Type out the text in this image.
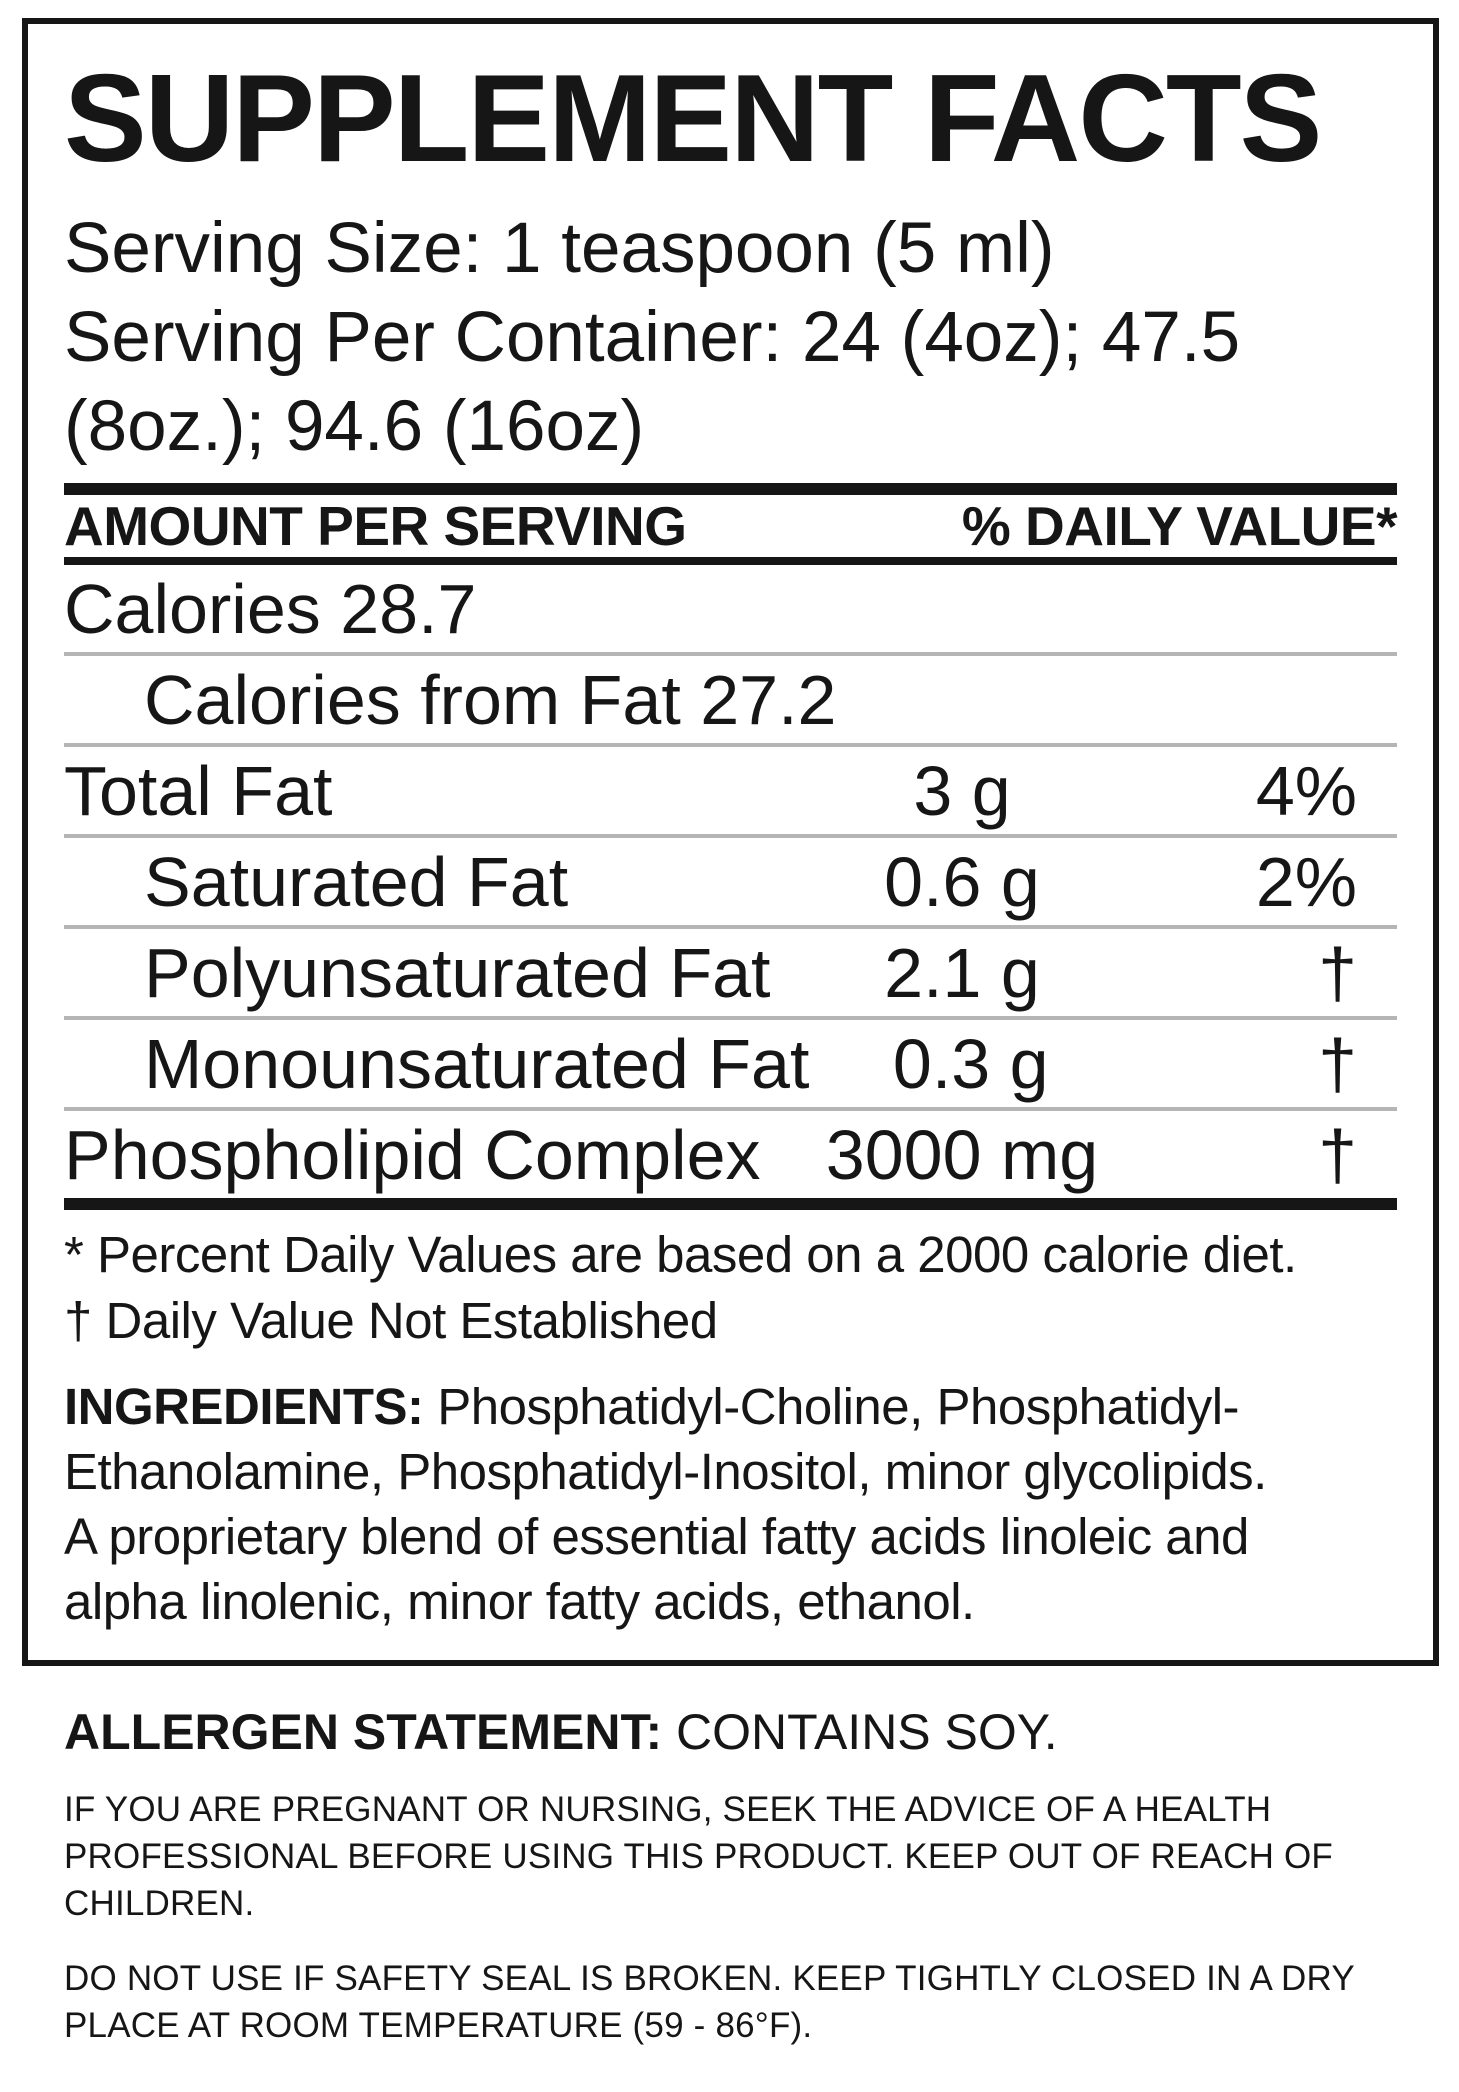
SUPPLEMENT FACTS
Serving Size: 1 teaspoon (5 ml)
Serving Per Container: 24 (4oz); 47.5
(8oz.); 94.6 (16oz)
AMOUNT PER SERVING	% DAILY VALUE*
Calories 28.7
Calories from Fat 27.2
Total Fat	3 g	4%
Saturated Fat	0.6 g	2%
Polyunsaturated Fat	2.1 g	†
Monounsaturated Fat	0.3 g	†
Phospholipid Complex 3000 mg	†
* Percent Daily Values are based on a 2000 calorie diet.
† Daily Value Not Established
INGREDIENTS: Phosphatidyl-Choline, Phosphatidyl-
Ethanolamine, Phosphatidyl-Inositol, minor glycolipids.
A proprietary blend of essential fatty acids linoleic and
alpha linolenic, minor fatty acids, ethanol.
ALLERGEN STATEMENT: CONTAINS SOY.
IF YOU ARE PREGNANT OR NURSING, SEEK THE ADVICE OF A HEALTH
PROFESSIONAL BEFORE USING THIS PRODUCT. KEEP OUT OF REACH OF
CHILDREN.
DO NOT USE IF SAFETY SEAL IS BROKEN. KEEP TIGHTLY CLOSED IN A DRY
PLACE AT ROOM TEMPERATURE (59 - 86°F).
